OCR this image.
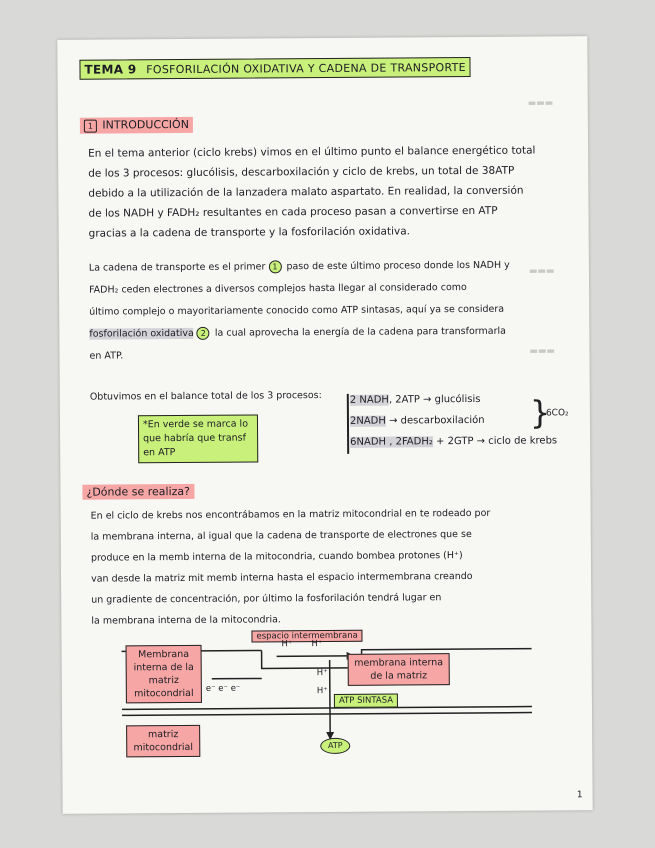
▬▬▬
▬▬▬
▬▬▬
TEMA 9 FOSFORILACIÓN OXIDATIVA Y CADENA DE TRANSPORTE
1 INTRODUCCIÓN
En el tema anterior (ciclo krebs) vimos en el último punto el balance energético total
de los 3 procesos: glucólisis, descarboxilación y ciclo de krebs, un total de 38ATP
debido a la utilización de la lanzadera malato aspartato. En realidad, la conversión
de los NADH y FADH₂ resultantes en cada proceso pasan a convertirse en ATP
gracias a la cadena de transporte y la fosforilación oxidativa.
La cadena de transporte es el primer 1 paso de este último proceso donde los NADH y
FADH₂ ceden electrones a diversos complejos hasta llegar al considerado como
último complejo o mayoritariamente conocido como ATP sintasas, aquí ya se considera
fosforilación oxidativa 2 la cual aprovecha la energía de la cadena para transformarla
en ATP.
Obtuvimos en el balance total de los 3 procesos:
*En verde se marca lo que habría que transf en ATP
2 NADH, 2ATP → glucólisis
2NADH → descarboxilación
6NADH , 2FADH₂ + 2GTP → ciclo de krebs
}
6CO₂
¿Dónde se realiza?
En el ciclo de krebs nos encontrábamos en la matriz mitocondrial en te rodeado por
la membrana interna, al igual que la cadena de transporte de electrones que se
produce en la memb interna de la mitocondria, cuando bombea protones (H⁺)
van desde la matriz mit memb interna hasta el espacio intermembrana creando
un gradiente de concentración, por último la fosforilación tendrá lugar en
la membrana interna de la mitocondria.
espacio intermembrana
Membrana interna de la matriz mitocondrial
membrana interna de la matriz
e⁻ e⁻ e⁻
H⁺ H⁺
H⁺
H⁺
ATP SINTASA
matriz mitocondrial	ATP
1
